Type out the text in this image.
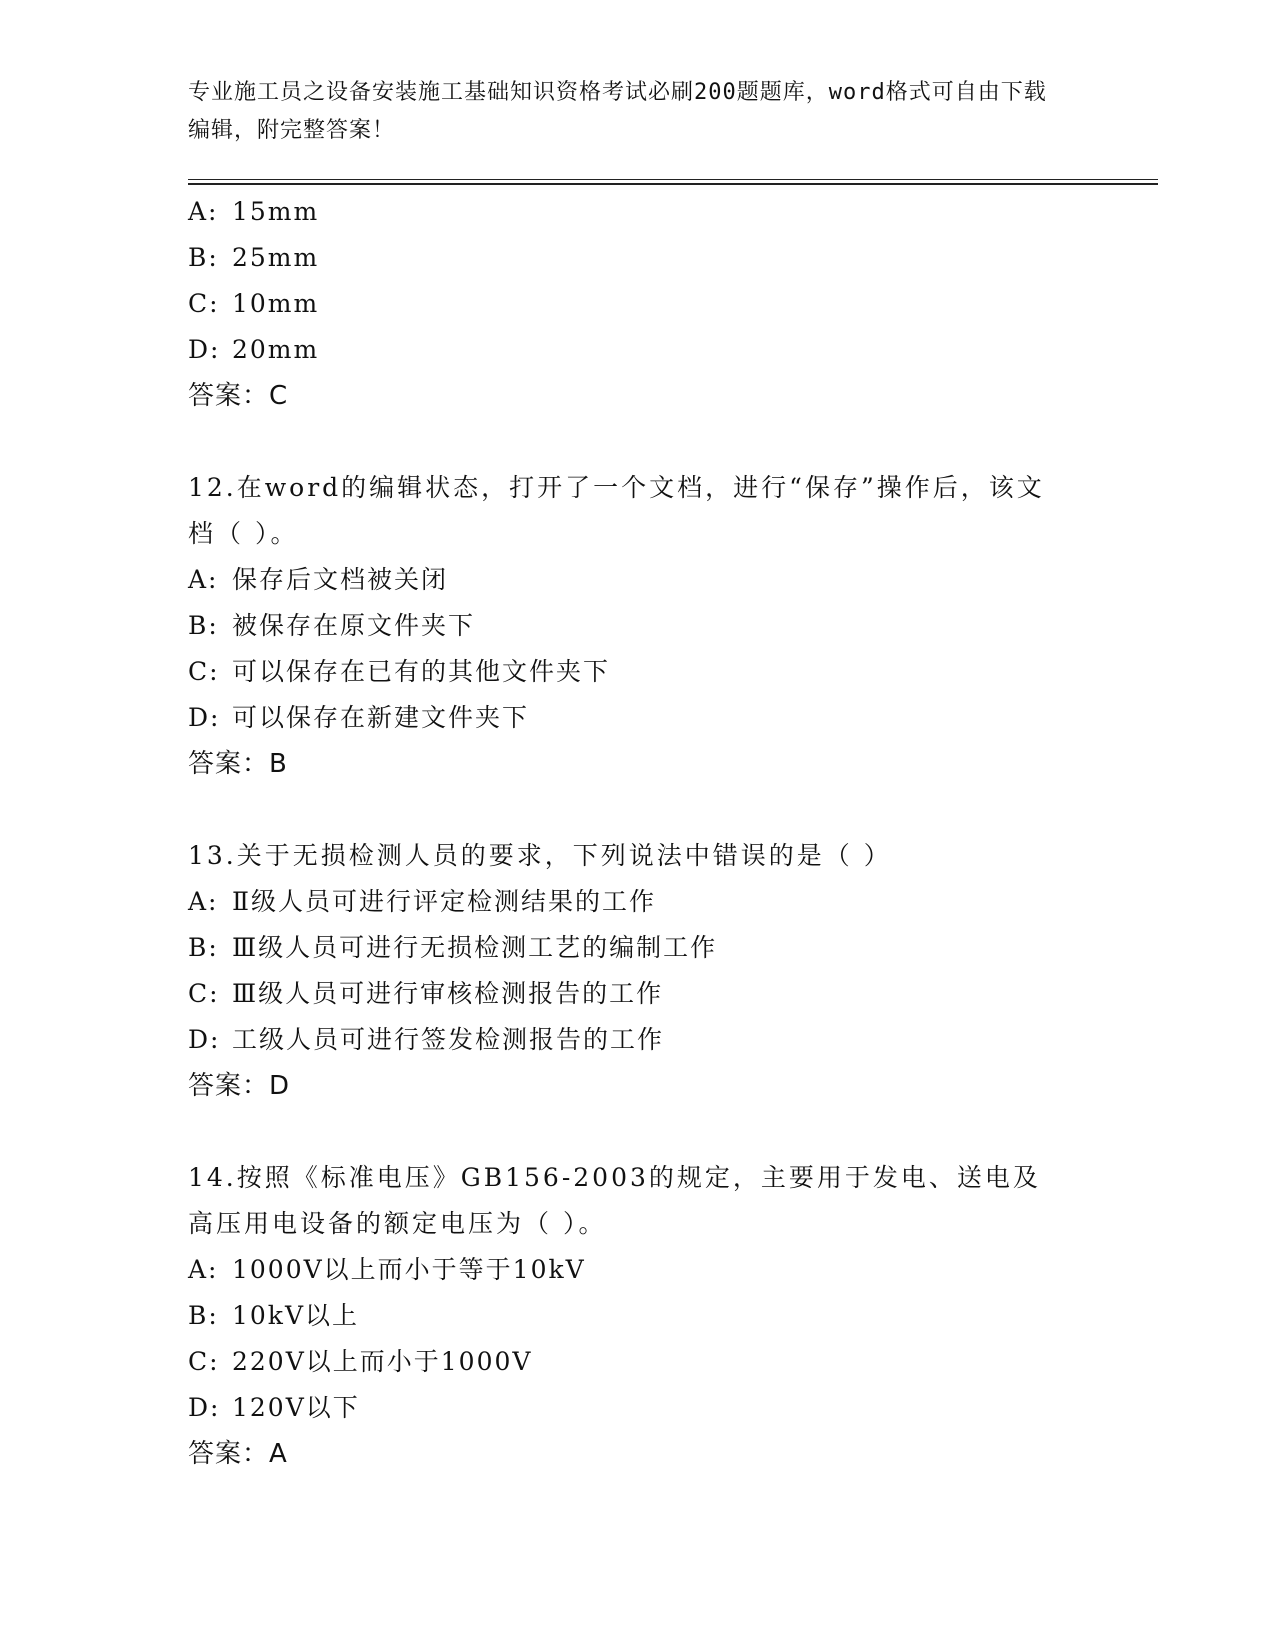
专业施工员之设备安装施工基础知识资格考试必刷200题题库，word格式可自由下载编辑，附完整答案！

A: 15mm
B: 25mm
C: 10mm
D: 20mm
答案：C
12.在word的编辑状态，打开了一个文档，进行“保存”操作后，该文档（ ）。
A: 保存后文档被关闭
B: 被保存在原文件夹下
C: 可以保存在已有的其他文件夹下
D: 可以保存在新建文件夹下
答案：B
13.关于无损检测人员的要求，下列说法中错误的是（ ）
A: Ⅱ级人员可进行评定检测结果的工作
B: Ⅲ级人员可进行无损检测工艺的编制工作
C: Ⅲ级人员可进行审核检测报告的工作
D: 工级人员可进行签发检测报告的工作
答案：D
14.按照《标准电压》GB156-2003的规定，主要用于发电、送电及高压用电设备的额定电压为（ ）。
A: 1000V以上而小于等于10kV
B: 10kV以上
C: 220V以上而小于1000V
D: 120V以下
答案：A
